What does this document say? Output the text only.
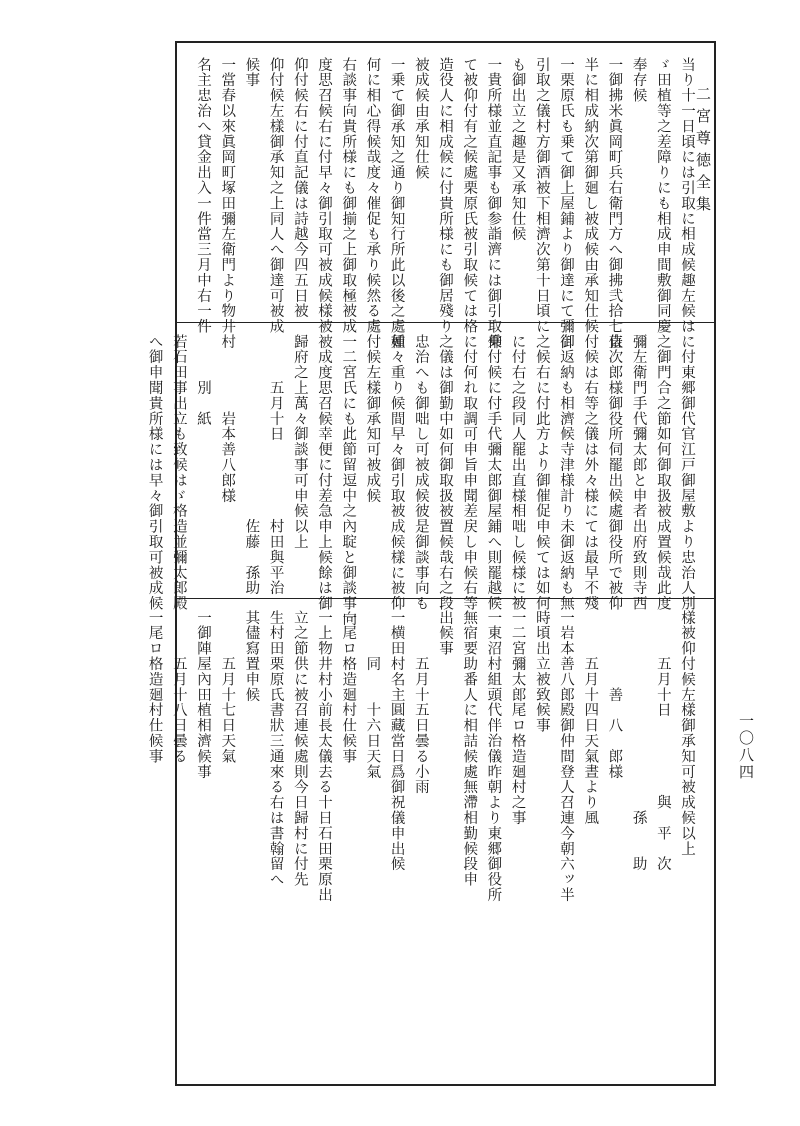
二宮尊徳全集
一〇八四
当り十一日頃には引取に相成候趣左候は
ゞ田植等之差障りにも相成申間敷御同慶
奉存候
一御拂米眞岡町兵右衛門方へ御拂弐拾七俵
半に相成納次第御廻し被成候由承知仕候
一栗原氏も乗て御上屋鋪より御達にて彌御
引取之儀村方御酒被下相濟次第十日頃に
も御出立之趣是又承知仕候
一貴所様並直記事も御参詣濟には御引取乗
て被仰付有之候處栗原氏被引取候ては格
造役人に相成候に付貴所様にも御居殘り
被成候由承知仕候
一乗て御承知之通り御知行所此以後之處如
何に相心得候哉度々催促も承り候然る處
右談事向貴所様にも御揃之上御取極被成
度思召候右に付早々御引取可被成候樣被
仰付候右に付直記儀は詩越今四五日被
仰付候左樣御承知之上同人へ御達可被成
候事
一當春以來眞岡町塚田彌左衛門より物井村
名主忠治へ貸金出入一件當三月中右一件
に付東郷御代官江戸御屋敷より忠治人別
之御門合之節如何御取扱被成置候哉此度
彌左衛門手代彌太郎と申者出府致則寺西
直次郎様御役所伺罷出候處御役所で被仰
付候は右等之儀は外々様にては最早不殘
御返納も相濟候寺津様計り未御返納も無
之候右に付此方より御催促申候ては如何
に付右之段同人罷出直様相咄し候様に被
仰付候に付手代彌太郎御屋鋪へ則罷越候
に付何れ取調可申旨申聞差戻し申候右等
之儀は御勤中如何御取扱被置候哉右之段
忠治へも御咄し可被成候彼是御談事向も
種々重り候間早々御引取被成候樣に被仰
付候左樣御承知可被成候
一二宮氏にも此節留逗中之內聢と御談事向
被成度思召候幸便に付差急申上候餘は御
歸府之上萬々御談事可申候以上
　　　五月十日　　　　　村田與平治
　　　　　　　　　　　　佐藤　孫助
　　　　　岩本善八郎様
　　　別　紙
若石田事出立も致候はゞ格造並彌太郎殿
へ御申聞貴所様には早々御引取可被成候
樣被仰付候左樣御承知可被成候以上
　　　五月十日　　　　　與　平　次
　　　　　　　　　　　　　孫　　助
　　　　　善　八　郎様
　　　五月十四日天氣晝より風
一岩本善八郎殿御仲間登人召連今朝六ッ半
時頃出立被致候事
一二宮彌太郎尾ロ格造廻村之事
一東沼村組頭代伴治儀昨朝より東郷御役所
無宿要助番人に相詰候處無滯相勤候段申
出候事
　　　五月十五日曇る小雨
一横田村名主圓藏當日爲御祝儀申出候
　　　同　　十六日天氣
一尾ロ格造廻村仕候事
一上物井村小前長太儀去る十日石田栗原出
立之節供に被召連候處則今日歸村に付先
生村田栗原氏書狀三通來る右は書翰留へ
其儘寫置申候
　　　五月十七日天氣
一御陣屋內田植相濟候事
　　　五月十八日曇る
一尾ロ格造廻村仕候事
